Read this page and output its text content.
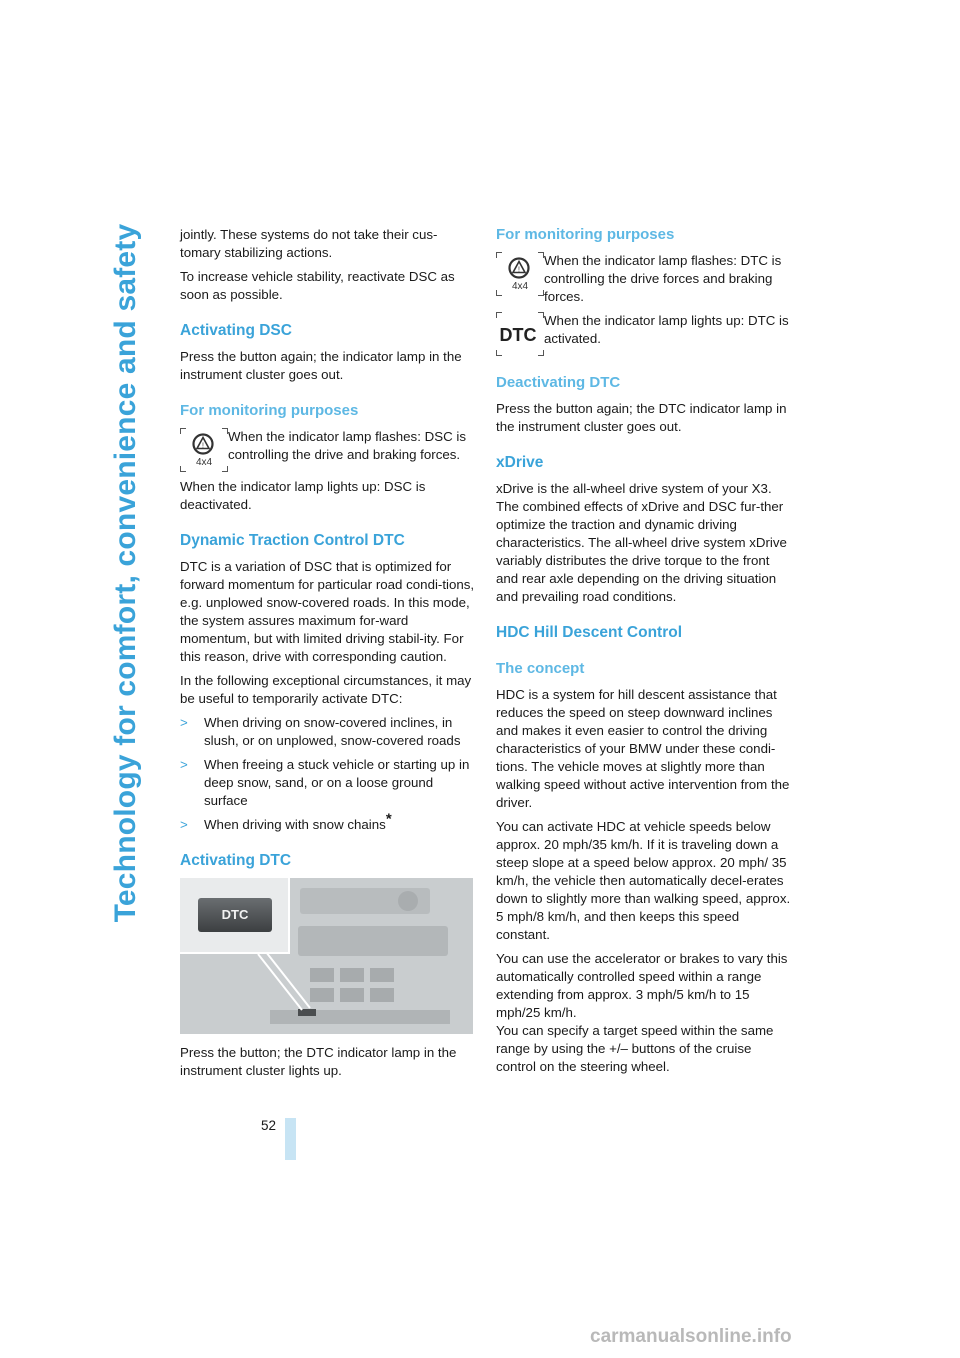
Technology for comfort, convenience and safety	jointly. These systems do not take their cus-tomary stabilizing actions.
To increase vehicle stability, reactivate DSC as soon as possible.
Activating DSC
Press the button again; the indicator lamp in the instrument cluster goes out.
For monitoring purposes
!
4x4
When the indicator lamp flashes: DSC is controlling the drive and braking forces.
When the indicator lamp lights up: DSC is deactivated.
Dynamic Traction Control DTC
DTC is a variation of DSC that is optimized for forward momentum for particular road condi-tions, e.g. unplowed snow-covered roads. In this mode, the system assures maximum for-ward momentum, but with limited driving stabil-ity. For this reason, drive with corresponding caution.
In the following exceptional circumstances, it may be useful to temporarily activate DTC:
>	When driving on snow-covered inclines, in slush, or on unplowed, snow-covered roads
>	When freeing a stuck vehicle or starting up in deep snow, sand, or on a loose ground surface
>	When driving with snow chains*
Activating DTC
DTC
Press the button; the DTC indicator lamp in the instrument cluster lights up.
For monitoring purposes
!
4x4
When the indicator lamp flashes: DTC is controlling the drive forces and braking forces.
DTC
When the indicator lamp lights up: DTC is activated.
Deactivating DTC
Press the button again; the DTC indicator lamp in the instrument cluster goes out.
xDrive
xDrive is the all-wheel drive system of your X3. The combined effects of xDrive and DSC fur-ther optimize the traction and dynamic driving characteristics. The all-wheel drive system xDrive variably distributes the drive torque to the front and rear axle depending on the driving situation and prevailing road conditions.
HDC Hill Descent Control
The concept
HDC is a system for hill descent assistance that reduces the speed on steep downward inclines and makes it even easier to control the driving characteristics of your BMW under these condi-tions. The vehicle moves at slightly more than walking speed without active intervention from the driver.
You can activate HDC at vehicle speeds below approx. 20 mph/35 km/h. If it is traveling down a steep slope at a speed below approx. 20 mph/ 35 km/h, the vehicle then automatically decel-erates down to slightly more than walking speed, approx. 5 mph/8 km/h, and then keeps this speed constant.
You can use the accelerator or brakes to vary this automatically controlled speed within a range extending from approx. 3 mph/5 km/h to 15 mph/25 km/h.
You can specify a target speed within the same range by using the +/– buttons of the cruise control on the steering wheel.
52
carmanualsonline.info
